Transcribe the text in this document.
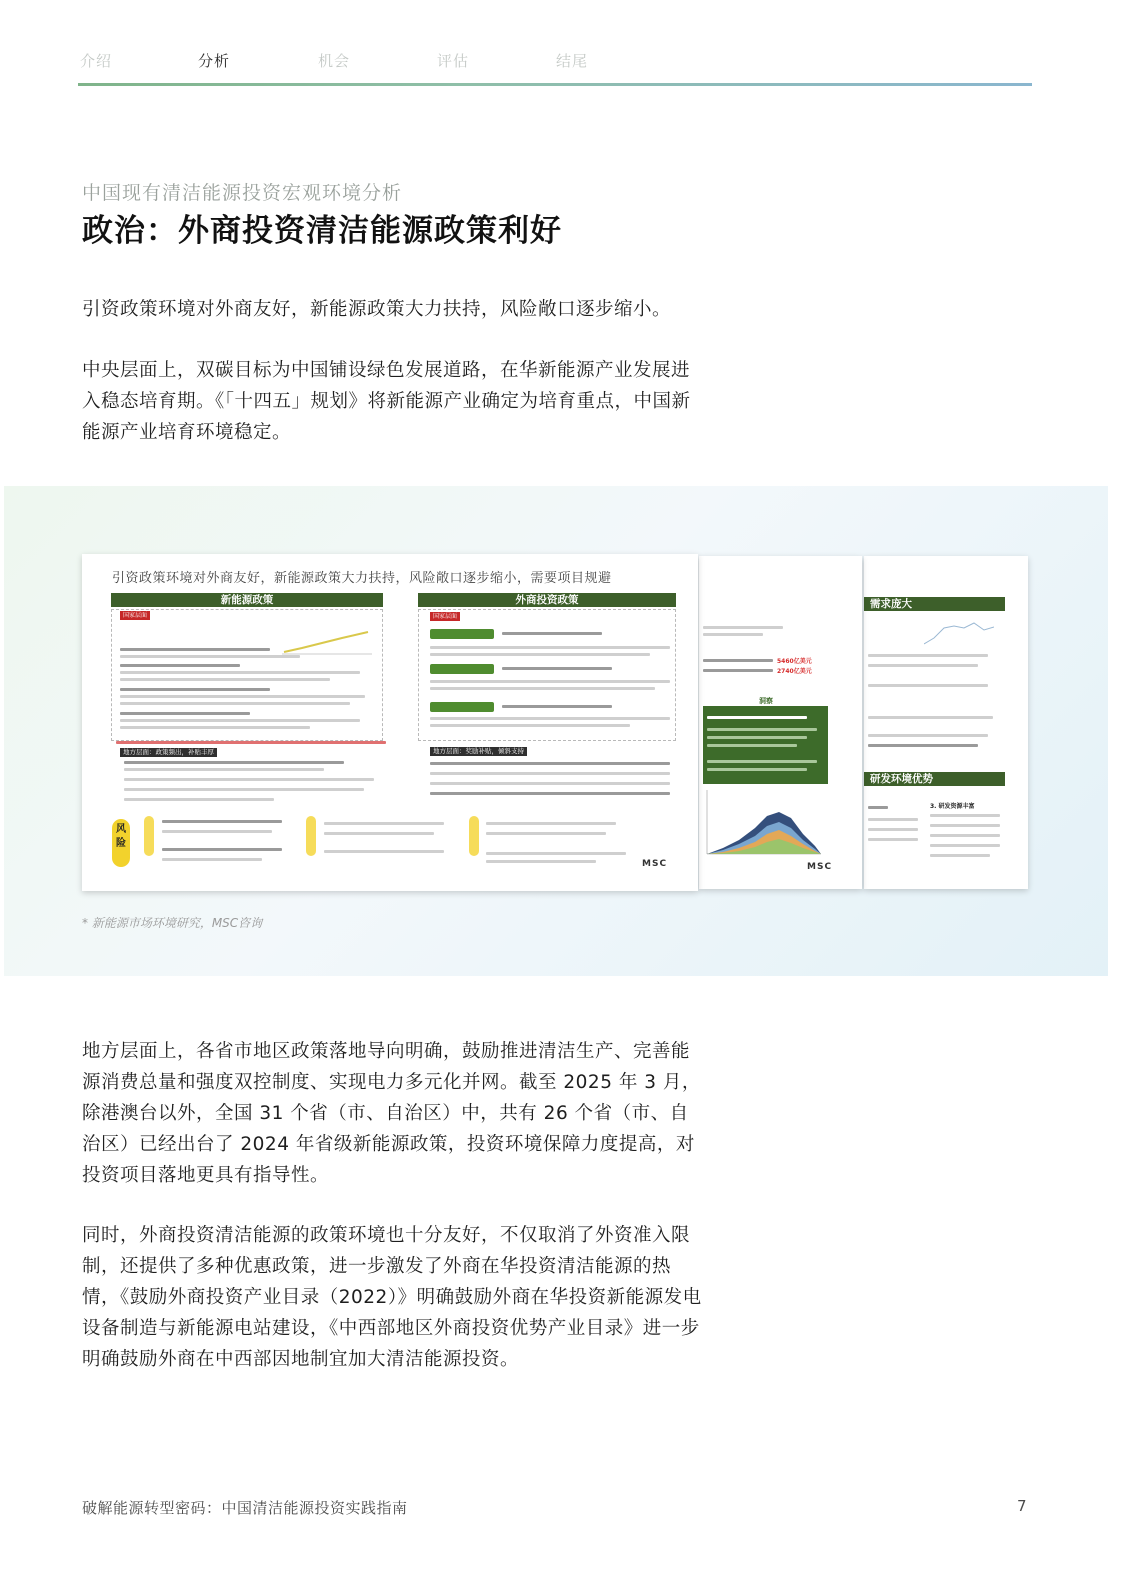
介绍	分析	机会	评估	结尾
中国现有清洁能源投资宏观环境分析
政治：外商投资清洁能源政策利好
引资政策环境对外商友好，新能源政策大力扶持，风险敞口逐步缩小。
中央层面上，双碳目标为中国铺设绿色发展道路，在华新能源产业发展进入稳态培育期。《「十四五」规划》将新能源产业确定为培育重点，中国新能源产业培育环境稳定。
引资政策环境对外商友好，新能源政策大力扶持，风险敞口逐步缩小，需要项目规避
新能源政策	外商投资政策
国家层面
地方层面：政策频出，补贴丰厚
风险
国家层面
地方层面：奖励补贴，倾斜支持
MSC
5460亿美元
2740亿美元
洞察
MSC
需求庞大
研发环境优势
3. 研发资源丰富
* 新能源市场环境研究，MSC咨询
地方层面上，各省市地区政策落地导向明确，鼓励推进清洁生产、完善能源消费总量和强度双控制度、实现电力多元化并网。截至 2025 年 3 月，除港澳台以外，全国 31 个省（市、自治区）中，共有 26 个省（市、自治区）已经出台了 2024 年省级新能源政策，投资环境保障力度提高，对投资项目落地更具有指导性。
同时，外商投资清洁能源的政策环境也十分友好，不仅取消了外资准入限制，还提供了多种优惠政策，进一步激发了外商在华投资清洁能源的热情，《鼓励外商投资产业目录（2022）》明确鼓励外商在华投资新能源发电设备制造与新能源电站建设，《中西部地区外商投资优势产业目录》进一步明确鼓励外商在中西部因地制宜加大清洁能源投资。
破解能源转型密码：中国清洁能源投资实践指南	7
